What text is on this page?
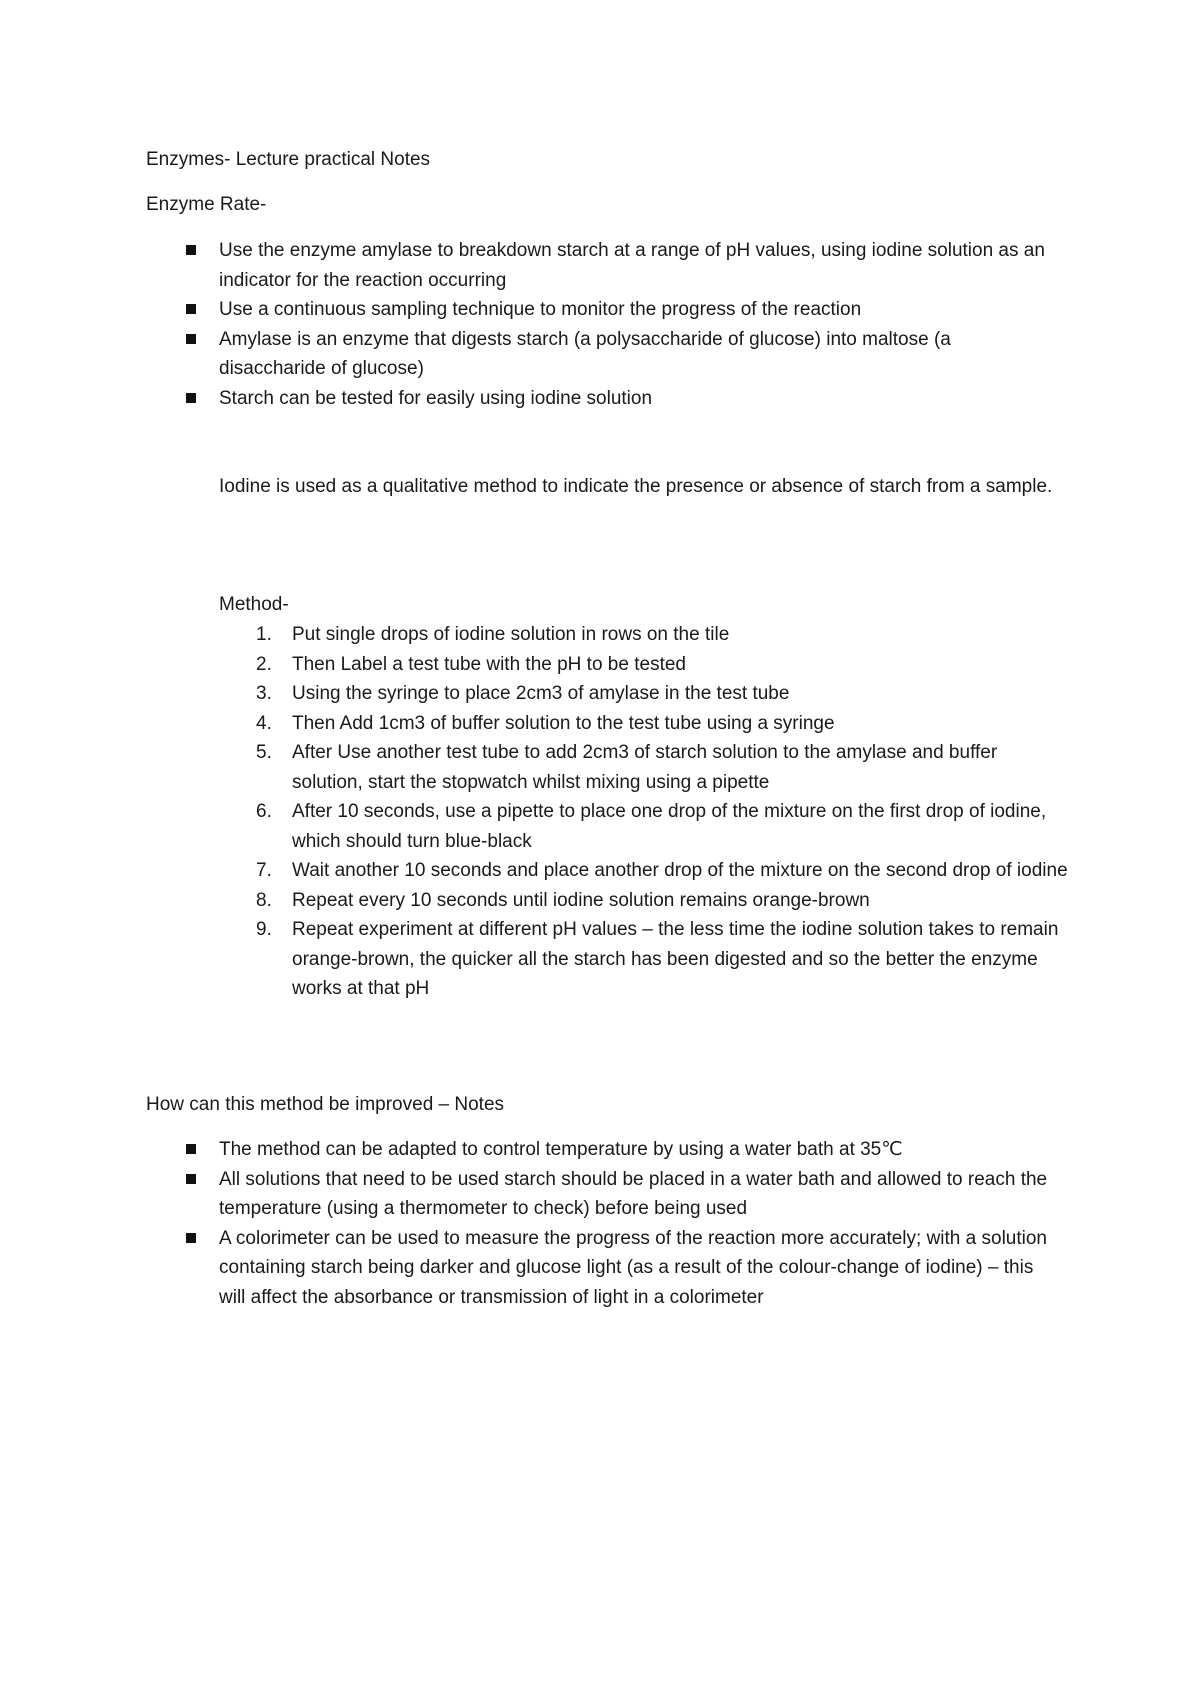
Enzymes- Lecture practical Notes
Enzyme Rate-
Use the enzyme amylase to breakdown starch at a range of pH values, using iodine solution as an indicator for the reaction occurring
Use a continuous sampling technique to monitor the progress of the reaction
Amylase is an enzyme that digests starch (a polysaccharide of glucose) into maltose (a disaccharide of glucose)
Starch can be tested for easily using iodine solution

Iodine is used as a qualitative method to indicate the presence or absence of starch from a sample.

Method-
1. Put single drops of iodine solution in rows on the tile
2. Then Label a test tube with the pH to be tested
3. Using the syringe to place 2cm3 of amylase in the test tube
4. Then Add 1cm3 of buffer solution to the test tube using a syringe
5. After Use another test tube to add 2cm3 of starch solution to the amylase and buffer solution, start the stopwatch whilst mixing using a pipette
6. After 10 seconds, use a pipette to place one drop of the mixture on the first drop of iodine, which should turn blue-black
7. Wait another 10 seconds and place another drop of the mixture on the second drop of iodine
8. Repeat every 10 seconds until iodine solution remains orange-brown
9. Repeat experiment at different pH values – the less time the iodine solution takes to remain orange-brown, the quicker all the starch has been digested and so the better the enzyme works at that pH
How can this method be improved – Notes
The method can be adapted to control temperature by using a water bath at 35℃
All solutions that need to be used starch should be placed in a water bath and allowed to reach the temperature (using a thermometer to check) before being used
A colorimeter can be used to measure the progress of the reaction more accurately; with a solution containing starch being darker and glucose light (as a result of the colour-change of iodine) – this will affect the absorbance or transmission of light in a colorimeter
